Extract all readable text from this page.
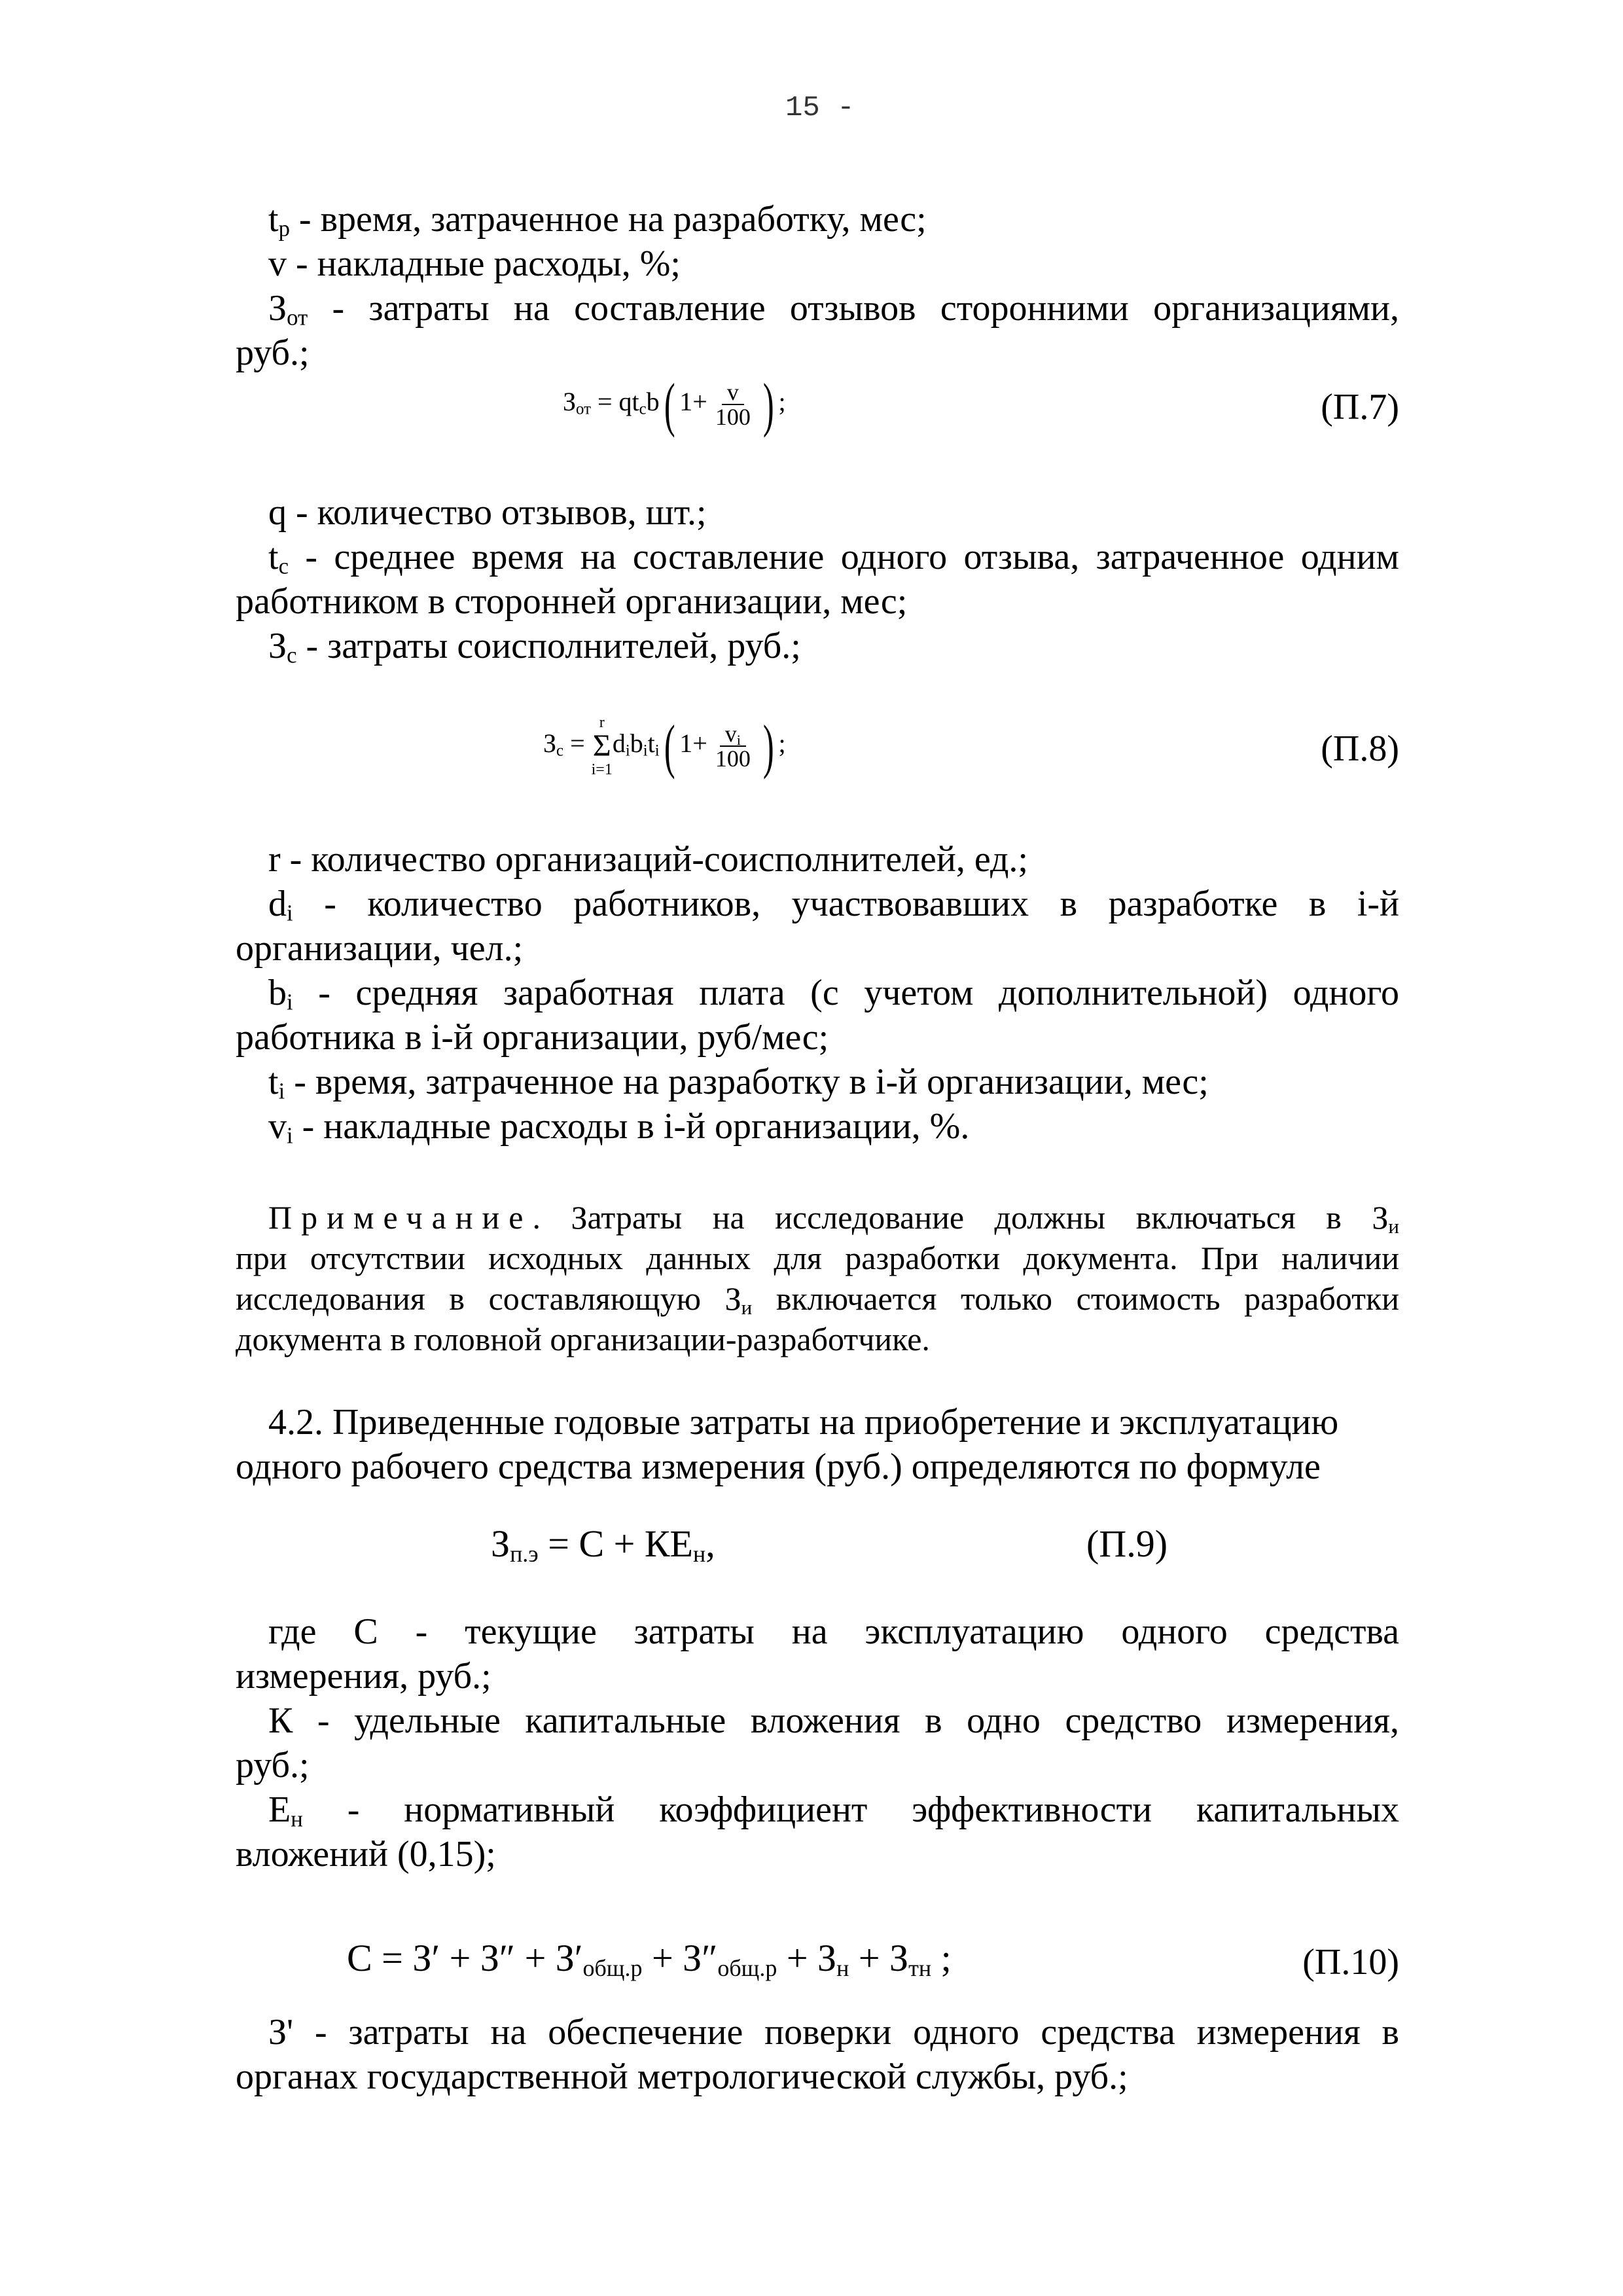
15 -
$t_р$ - время, затраченное на разработку, мес;
v - накладные расходы, %;
$З_{от}$ - затраты на составление отзывов сторонними организациями,
руб.;
$З_{от} = qt_cb$( $1+ \frac{v}{100}$ ) ;	(П.7)
q - количество отзывов, шт.;
$t_c$ - среднее время на составление одного отзыва, затраченное одним
работником в сторонней организации, мес;
$З_с$ - затраты соисполнителей, руб.;
$З_с$ =
r
Σ
i=1
$d_ib_it_i$( $1+ \frac{v_i}{100}$ ) ;	(П.8)
r - количество организаций-соисполнителей, ед.;
$d_i$ - количество работников, участвовавших в разработке в i-й
организации, чел.;
$b_i$ - средняя заработная плата (с учетом дополнительной) одного
работника в i-й организации, руб/мес;
$t_i$ - время, затраченное на разработку в i-й организации, мес;
$v_i$ - накладные расходы в i-й организации, %.
Примечание. Затраты на исследование должны включаться в $З_и$
при отсутствии исходных данных для разработки документа. При наличии
исследования в составляющую $З_и$ включается только стоимость разработки
документа в головной организации-разработчике.
4.2. Приведенные годовые затраты на приобретение и эксплуатацию
одного рабочего средства измерения (руб.) определяются по формуле
$З_{п.э} = С + КЕ_н$,	(П.9)
где С - текущие затраты на эксплуатацию одного средства
измерения, руб.;
К - удельные капитальные вложения в одно средство измерения,
руб.;
$Е_н$ - нормативный коэффициент эффективности капитальных
вложений (0,15);
$С = З' + З'' + З'_{общ.р} + З''_{общ.р} + З_н + З_{тн}$ ;	(П.10)
З' - затраты на обеспечение поверки одного средства измерения в
органах государственной метрологической службы, руб.;
